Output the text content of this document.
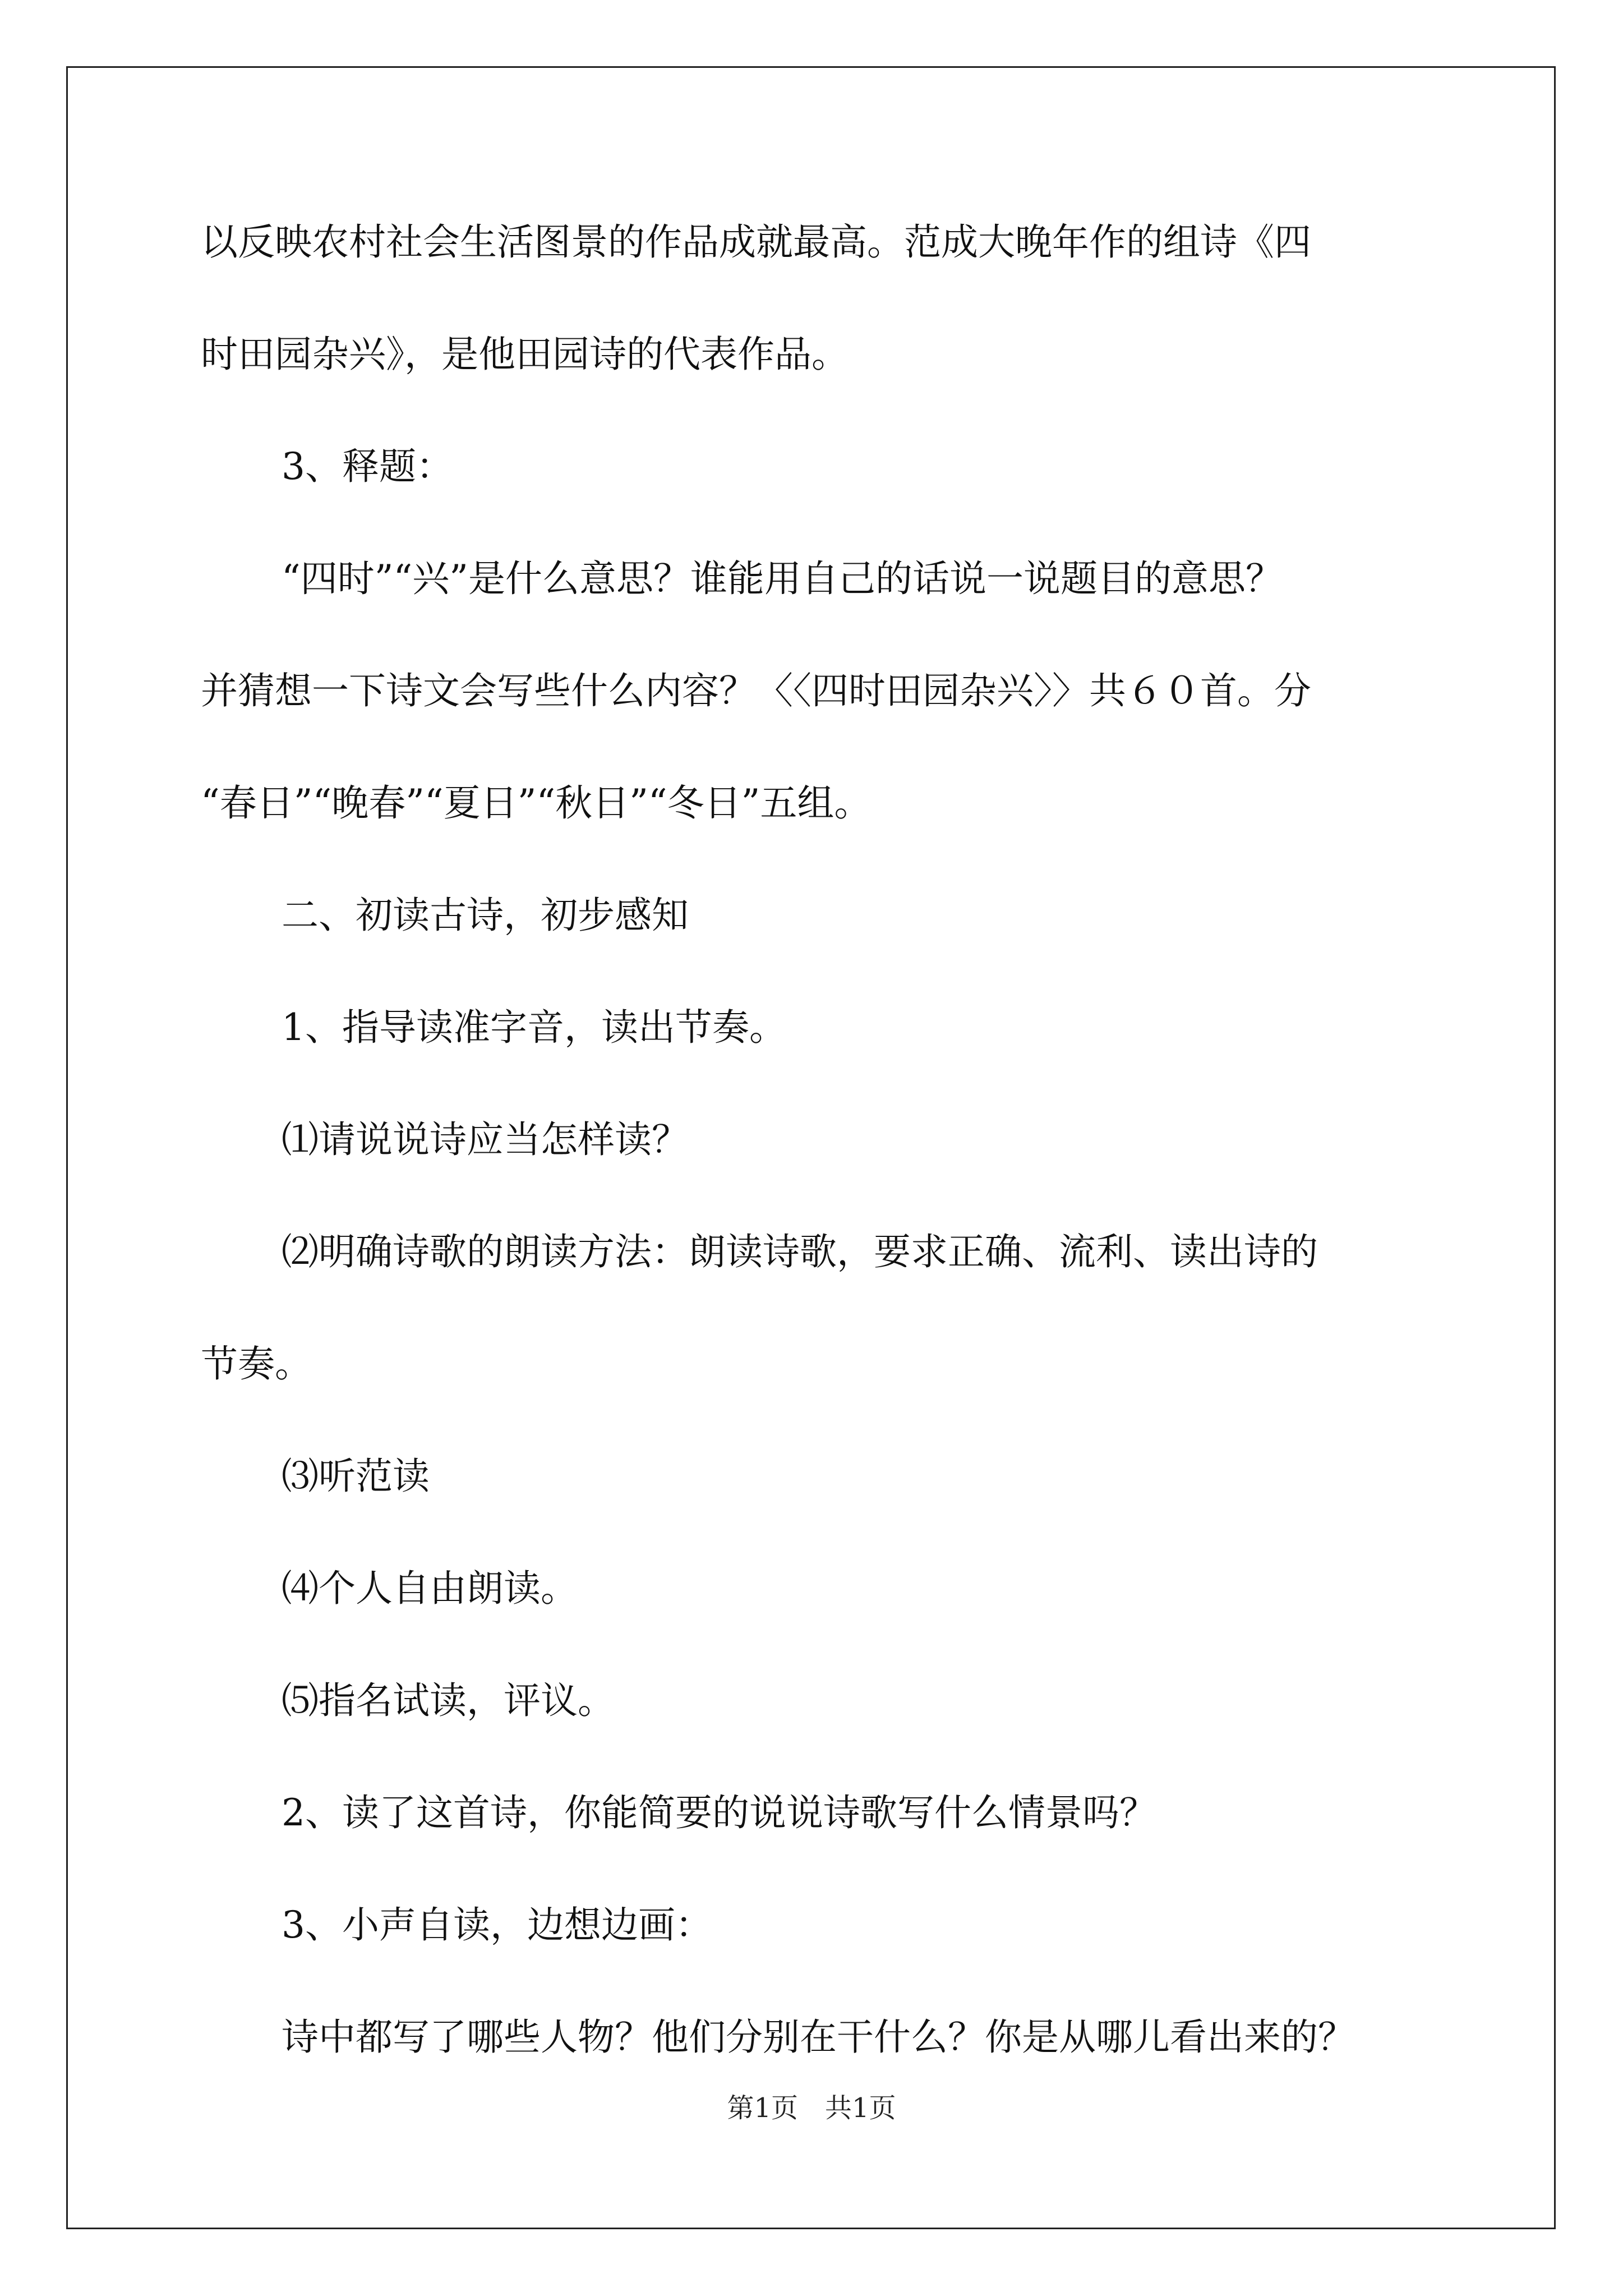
以反映农村社会生活图景的作品成就最高。范成大晚年作的组诗《四

时田园杂兴》，是他田园诗的代表作品。

3、释题：

“四时”“兴”是什么意思？谁能用自己的话说一说题目的意思？

并猜想一下诗文会写些什么内容？〈〈四时田园杂兴〉〉共６０首。分

“春日”“晚春”“夏日”“秋日”“冬日”五组。

二、初读古诗，初步感知

1、指导读准字音，读出节奏。

⑴请说说诗应当怎样读？

⑵明确诗歌的朗读方法：朗读诗歌，要求正确、流利、读出诗的

节奏。

⑶听范读

⑷个人自由朗读。

⑸指名试读，评议。

2、读了这首诗，你能简要的说说诗歌写什么情景吗？

3、小声自读，边想边画：

诗中都写了哪些人物？他们分别在干什么？你是从哪儿看出来的？

第1页　共1页
